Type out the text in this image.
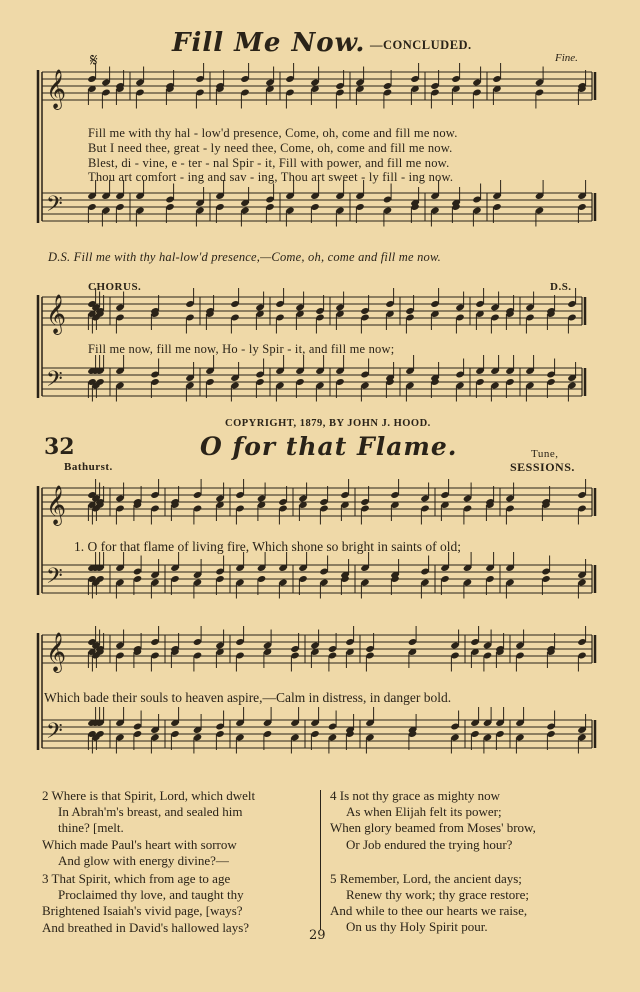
Fill Me Now. —CONCLUDED.
𝄋	Fine.
𝄞
𝄢
𝄞
𝄢
𝄞
𝄢
𝄞
𝄢
Fill me with thy hal - low'd presence, Come, oh, come and fill me now.
But I need thee, great - ly need thee, Come, oh, come and fill me now.
Blest, di - vine, e - ter - nal Spir - it, Fill with power, and fill me now.
Thou art comfort - ing and sav - ing, Thou art sweet - ly fill - ing now.
D.S. Fill me with thy hal-low'd presence,—Come, oh, come and fill me now.
CHORUS.	D.S.
Fill me now, fill me now, Ho - ly Spir - it, and fill me now;
COPYRIGHT, 1879, BY JOHN J. HOOD.
32	O for that Flame.
Bathurst.
Tune,
SESSIONS.
1. O for that flame of living fire, Which shone so bright in saints of old;
Which bade their souls to heaven aspire,—Calm in distress, in danger bold.
2 Where is that Spirit, Lord, which dwelt
In Abrah'm's breast, and sealed him
thine? [melt.
Which made Paul's heart with sorrow
And glow with energy divine?—
3 That Spirit, which from age to age
Proclaimed thy love, and taught thy
Brightened Isaiah's vivid page, [ways?
And breathed in David's hallowed lays?
4 Is not thy grace as mighty now
As when Elijah felt its power;
When glory beamed from Moses' brow,
Or Job endured the trying hour?
5 Remember, Lord, the ancient days;
Renew thy work; thy grace restore;
And while to thee our hearts we raise,
On us thy Holy Spirit pour.
29
